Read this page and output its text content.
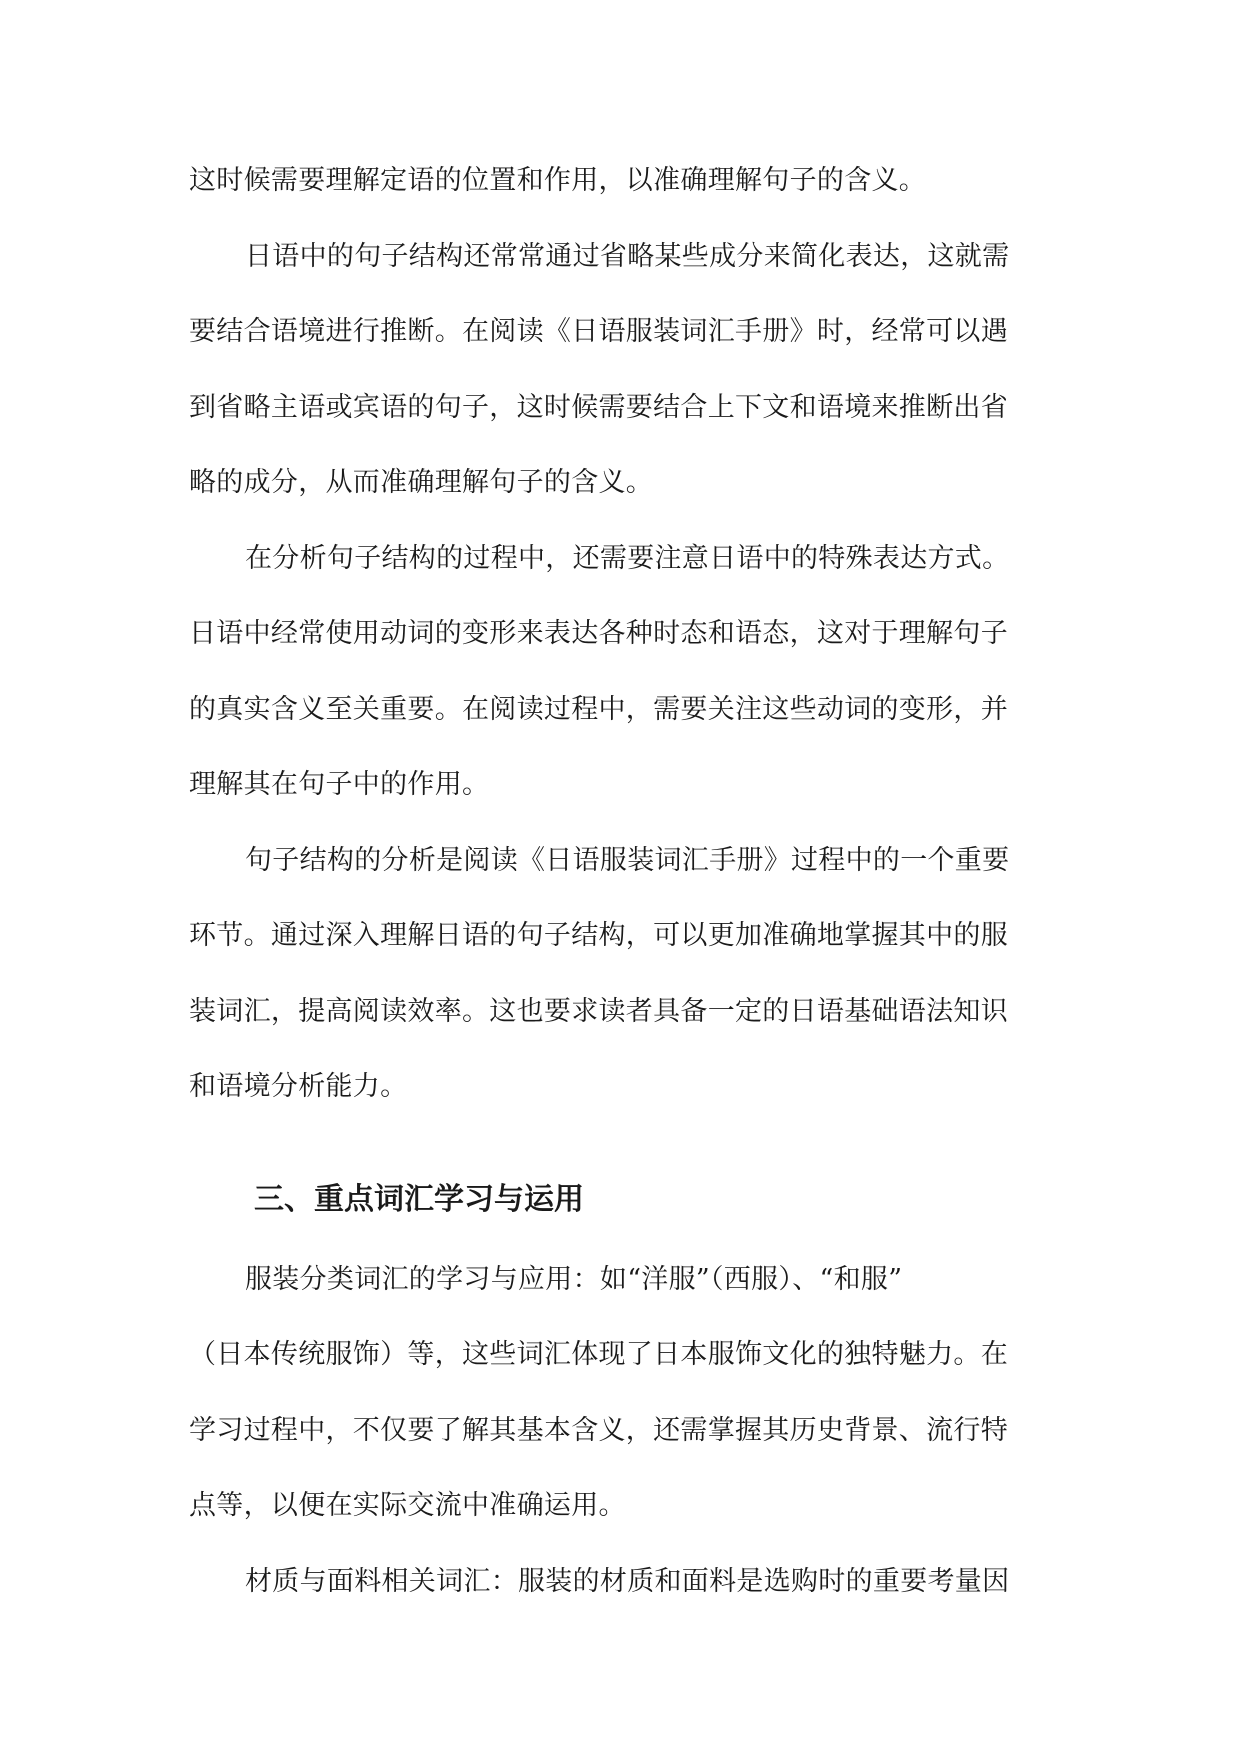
这时候需要理解定语的位置和作用，以准确理解句子的含义。
日语中的句子结构还常常通过省略某些成分来简化表达，这就需
要结合语境进行推断。在阅读《日语服装词汇手册》时，经常可以遇
到省略主语或宾语的句子，这时候需要结合上下文和语境来推断出省
略的成分，从而准确理解句子的含义。
在分析句子结构的过程中，还需要注意日语中的特殊表达方式。
日语中经常使用动词的变形来表达各种时态和语态，这对于理解句子
的真实含义至关重要。在阅读过程中，需要关注这些动词的变形，并
理解其在句子中的作用。
句子结构的分析是阅读《日语服装词汇手册》过程中的一个重要
环节。通过深入理解日语的句子结构，可以更加准确地掌握其中的服
装词汇，提高阅读效率。这也要求读者具备一定的日语基础语法知识
和语境分析能力。
三、重点词汇学习与运用
服装分类词汇的学习与应用：如“洋服”（西服）、“和服”
（日本传统服饰）等，这些词汇体现了日本服饰文化的独特魅力。在
学习过程中，不仅要了解其基本含义，还需掌握其历史背景、流行特
点等，以便在实际交流中准确运用。
材质与面料相关词汇：服装的材质和面料是选购时的重要考量因
